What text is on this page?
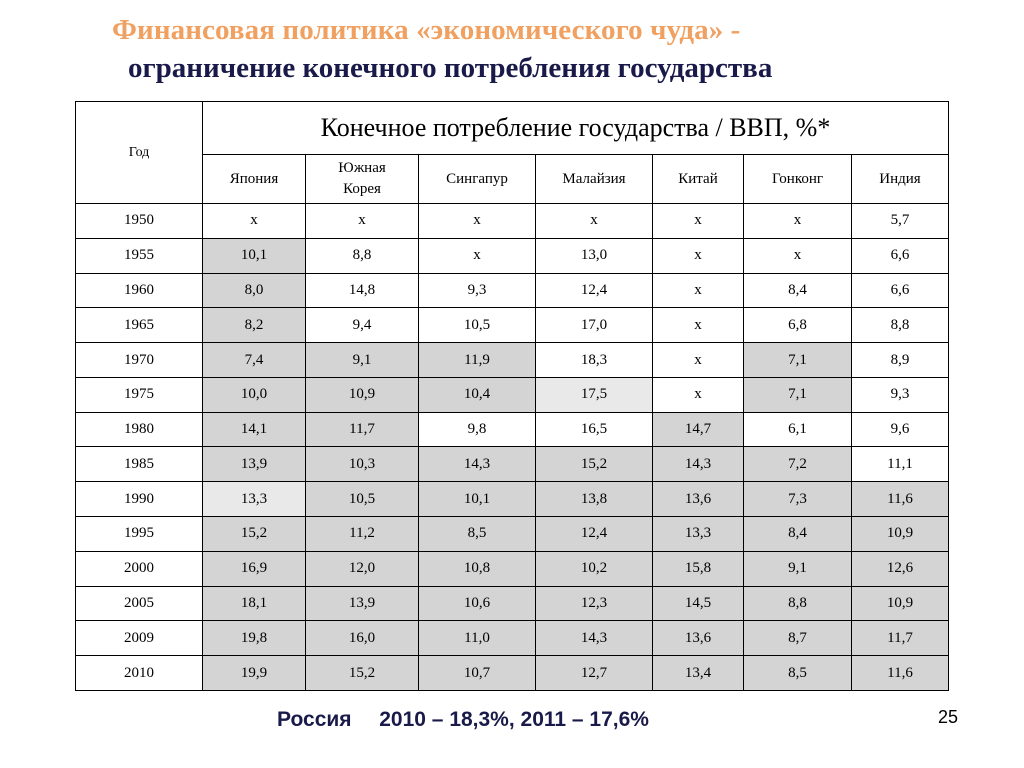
Финансовая политика «экономического чуда» -
ограничение конечного потребления государства
Год	Конечное потребление государства / ВВП, %*						
	Япония	Южная Корея	Сингапур	Малайзия	Китай	Гонконг	Индия
1950	x	x	x	x	x	x	5,7
1955	10,1	8,8	x	13,0	x	x	6,6
1960	8,0	14,8	9,3	12,4	x	8,4	6,6
1965	8,2	9,4	10,5	17,0	x	6,8	8,8
1970	7,4	9,1	11,9	18,3	x	7,1	8,9
1975	10,0	10,9	10,4	17,5	x	7,1	9,3
1980	14,1	11,7	9,8	16,5	14,7	6,1	9,6
1985	13,9	10,3	14,3	15,2	14,3	7,2	11,1
1990	13,3	10,5	10,1	13,8	13,6	7,3	11,6
1995	15,2	11,2	8,5	12,4	13,3	8,4	10,9
2000	16,9	12,0	10,8	10,2	15,8	9,1	12,6
2005	18,1	13,9	10,6	12,3	14,5	8,8	10,9
2009	19,8	16,0	11,0	14,3	13,6	8,7	11,7
2010	19,9	15,2	10,7	12,7	13,4	8,5	11,6
Россия 2010 – 18,3%, 2011 – 17,6%	25
